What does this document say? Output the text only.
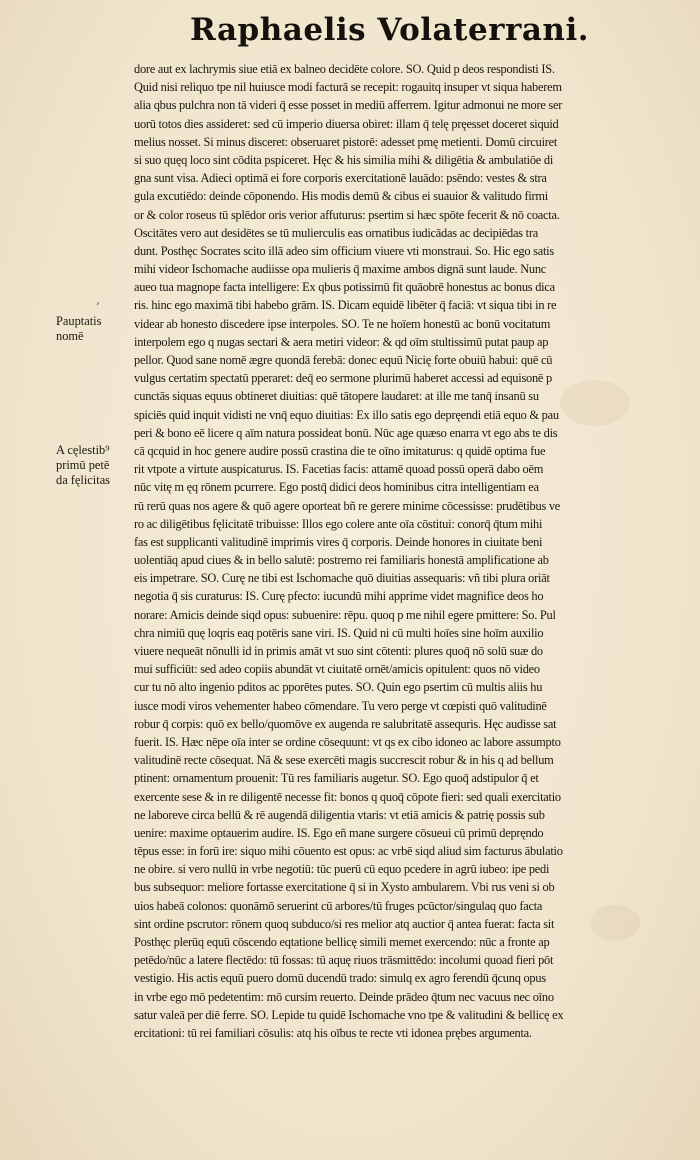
Raphaelis Volaterrani.
ʼ
Pauptatis
nomē
A cęlestib⁹
primū petē
da fęlicitas
dore aut ex lachrymis siue etiā ex balneo decidēte colore. SO. Quid p deos respondisti IS.
Quid nisi reliquo tpe nil huiusce modi facturā se recepit: rogauitq insuper vt siqua haberem
alia qbus pulchra non tā videri q̄ esse posset in mediū afferrem. Igitur admonui ne more ser
uorū totos dies assideret: sed cū imperio diuersa obiret: illam q̄ telę pręesset doceret siquid
melius nosset. Si minus disceret: obseruaret pistorē: adesset pmę metienti. Domū circuiret
si suo quęq loco sint cōdita pspiceret. Hęc & his similia mihi & diligētia & ambulatiōe di
gna sunt visa. Adieci optimā ei fore corporis exercitationē lauādo: psēndo: vestes & stra
gula excutiēdo: deinde cōponendo. His modis demū & cibus ei suauior & valitudo firmi
or & color roseus tū splēdor oris verior affuturus: psertim si hæc spōte fecerit & nō coacta.
Oscitātes vero aut desidētes se tū mulierculis eas ornatibus iudicādas ac decipiēdas tra
dunt. Posthęc Socrates scito illā adeo sim officium viuere vti monstraui. So. Hic ego satis
mihi videor Ischomache audiisse opa mulieris q̄ maxime ambos dignā sunt laude. Nunc
aueo tua magnope facta intelligere: Ex qbus potissimū fit quāobrē honestus ac bonus dica
ris. hinc ego maximā tibi habebo grām. IS. Dicam equidē libēter q̄ faciā: vt siqua tibi in re
videar ab honesto discedere ipse interpoles. SO. Te ne hoīem honestū ac bonū vocitatum
interpolem ego q nugas sectari & aera metiri videor: & qd oīm stultissimū putat paup ap
pellor. Quod sane nomē ægre quondā ferebā: donec equū Nicię forte obuiū habui: quē cū
vulgus certatim spectatū pperaret: deq̄ eo sermone plurimū haberet accessi ad equisonē p
cunctās siquas equus obtineret diuitias: quē tātopere laudaret: at ille me tanq̄ insanū su
spiciēs quid inquit vidisti ne vnq̄ equo diuitias: Ex illo satis ego depręendi etiā equo & pau
peri & bono eē licere q aīm natura possideat bonū. Nūc age quæso enarra vt ego abs te dis
cā qcquid in hoc genere audire possū crastina die te oīno imitaturus: q quidē optima fue
rit vtpote a virtute auspicaturus. IS. Facetias facis: attamē quoad possū operā dabo oēm
nūc vitę m ęq rōnem pcurrere. Ego postq̄ didici deos hominibus citra intelligentiam ea
rū rerū quas nos agere & quō agere oporteat bñ re gerere minime cōcessisse: prudētibus ve
ro ac diligētibus fęlicitatē tribuisse: Illos ego colere ante oīa cōstitui: conorq̄ q̄tum mihi
fas est supplicanti valitudinē imprimis vires q̄ corporis. Deinde honores in ciuitate beni
uolentiāq apud ciues & in bello salutē: postremo rei familiaris honestā amplificatione ab
eis impetrare. SO. Curę ne tibi est Ischomache quō diuitias assequaris: vñ tibi plura oriāt
negotia q̄ sis curaturus: IS. Curę pfecto: iucundū mihi apprime videt magnifice deos ho
norare: Amicis deinde siqd opus: subuenire: rēpu. quoq p me nihil egere pmittere: So. Pul
chra nimiū quę loqris eaq potēris sane viri. IS. Quid ni cū multi hoīes sine hoīm auxilio
viuere nequeāt nōnulli id in primis amāt vt suo sint cōtenti: plures quoq̄ nō solū suæ do
mui sufficiūt: sed adeo copiis abundāt vt ciuitatē ornēt/amicis opitulent: quos nō video
cur tu nō alto ingenio pditos ac pporētes putes. SO. Quin ego psertim cū multis aliis hu
iusce modi viros vehementer habeo cōmendare. Tu vero perge vt cœpisti quō valitudinē
robur q̄ corpis: quō ex bello/quomōve ex augenda re salubritatē assequris. Hęc audisse sat
fuerit. IS. Hæc nēpe oīa inter se ordine cōsequunt: vt qs ex cibo idoneo ac labore assumpto
valitudinē recte cōsequat. Nā & sese exercēti magis succrescit robur & in his q ad bellum
ptinent: ornamentum prouenit: Tū res familiaris augetur. SO. Ego quoq̄ adstipulor q̄ et
exercente sese & in re diligentē necesse fit: bonos q quoq̄ cōpote fieri: sed quali exercitatio
ne laboreve circa bellū & rē augendā diligentia vtaris: vt etiā amicis & patrię possis sub
uenire: maxime optauerim audire. IS. Ego eñ mane surgere cōsueui cū primū depręndo
tēpus esse: in forū ire: siquo mihi cōuento est opus: ac vrbē siqd aliud sim facturus ābulatio
ne obire. si vero nullū in vrbe negotiū: tūc puerū cū equo pcedere in agrū iubeo: ipe pedi
bus subsequor: meliore fortasse exercitatione q̄ si in Xysto ambularem. Vbi rus veni si ob
uios habeā colonos: quonāmō seruerint cū arbores/tū fruges pcūctor/singulaq quo facta
sint ordine pscrutor: rōnem quoq subduco/si res melior atq auctior q̄ antea fuerat: facta sit
Posthęc plerūq equū cōscendo eqtatione bellicę simili memet exercendo: nūc a fronte ap
petēdo/nūc a latere flectēdo: tū fossas: tū aquę riuos trāsmittēdo: incolumi quoad fieri pōt
vestigio. His actis equū puero domū ducendū trado: simulq ex agro ferendū q̄cunq opus
in vrbe ego mō pedetentim: mō cursim reuerto. Deinde prādeo q̄tum nec vacuus nec oīno
satur valeā per diē ferre. SO. Lepide tu quidē Ischomache vno tpe & valitudini & bellicę ex
ercitationi: tū rei familiari cōsulis: atq his oībus te recte vti idonea prębes argumenta.
